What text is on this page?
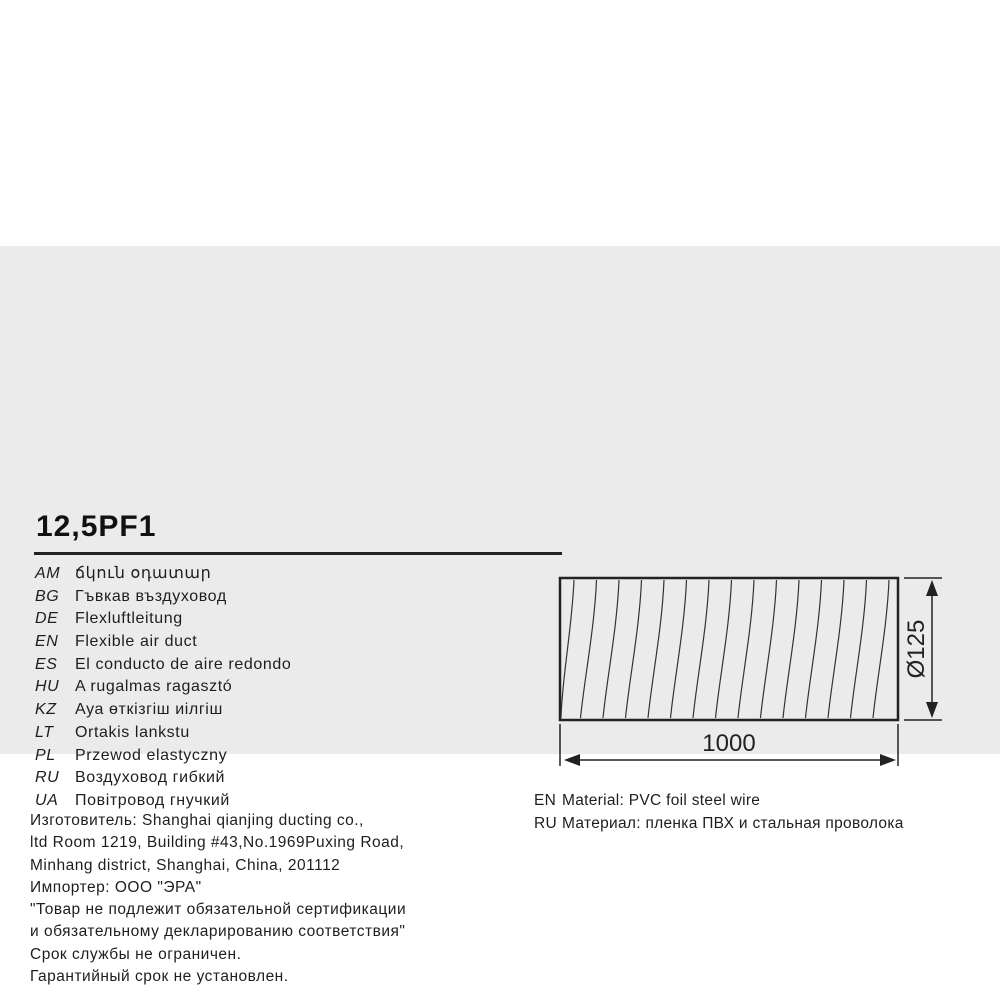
12,5PF1
AM ճկուն օդատար
BG Гъвкав въздуховод
DE Flexluftleitung
EN Flexible air duct
ES El conducto de aire redondo
HU A rugalmas ragasztó
KZ Ауа өткізгіш иілгіш
LT Ortakis lankstu
PL Przewod elastyczny
RU Воздуховод гибкий
UA Повітровод гнучкий
Изготовитель: Shanghai qianjing ducting co.,
ltd Room 1219, Building #43,No.1969Puxing Road,
Minhang district, Shanghai, China, 201112
Импортер: ООО "ЭРА"
"Товар не подлежит обязательной сертификации
и обязательному декларированию соответствия"
Срок службы не ограничен.
Гарантийный срок не установлен.
Ø125
1000
EN Material: PVC foil steel wire
RU Материал: пленка ПВХ и стальная проволока
